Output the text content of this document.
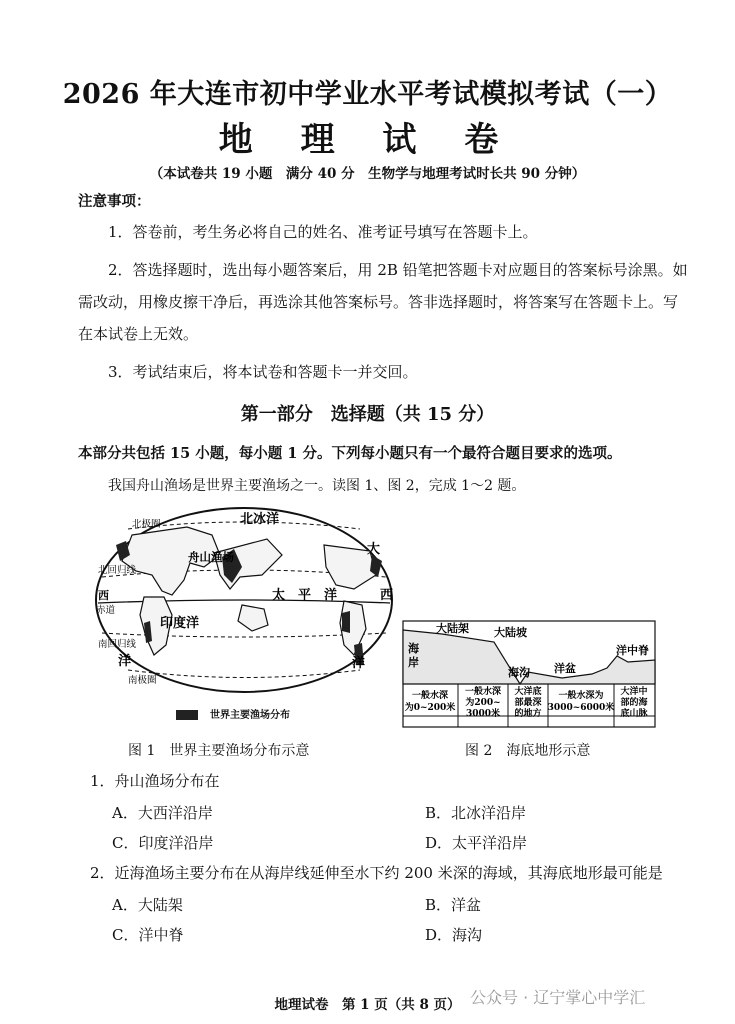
2026 年大连市初中学业水平考试模拟考试（一）
地 理 试 卷
（本试卷共 19 小题　满分 40 分　生物学与地理考试时长共 90 分钟）
注意事项：
1．答卷前，考生务必将自己的姓名、准考证号填写在答题卡上。
2．答选择题时，选出每小题答案后，用 2B 铅笔把答题卡对应题目的答案标号涂黑。如需改动，用橡皮擦干净后，再选涂其他答案标号。答非选择题时，将答案写在答题卡上。写在本试卷上无效。
3．考试结束后，将本试卷和答题卡一并交回。
第一部分　选择题（共 15 分）
本部分共包括 15 小题，每小题 1 分。下列每小题只有一个最符合题目要求的选项。
我国舟山渔场是世界主要渔场之一。读图 1、图 2，完成 1～2 题。
北冰洋
舟山渔场
太　平　洋
大
西
洋
印度洋
赤道
北回归线
南回归线
西
洋
南极圈
北极圈
世界主要渔场分布
图 1　世界主要渔场分布示意
海
岸
大陆架 大陆坡
海沟 洋盆
洋中脊
一般水深
为0~200米
一般水深
为200~
3000米
大洋底
部最深
的地方
一般水深为
3000~6000米
大洋中
部的海
底山脉
图 2　海底地形示意
1．舟山渔场分布在
A．大西洋沿岸	B．北冰洋沿岸
C．印度洋沿岸	D．太平洋沿岸
2．近海渔场主要分布在从海岸线延伸至水下约 200 米深的海域，其海底地形最可能是
A．大陆架	B．洋盆
C．洋中脊	D．海沟
地理试卷　第 1 页（共 8 页） 公众号 · 辽宁掌心中学汇
